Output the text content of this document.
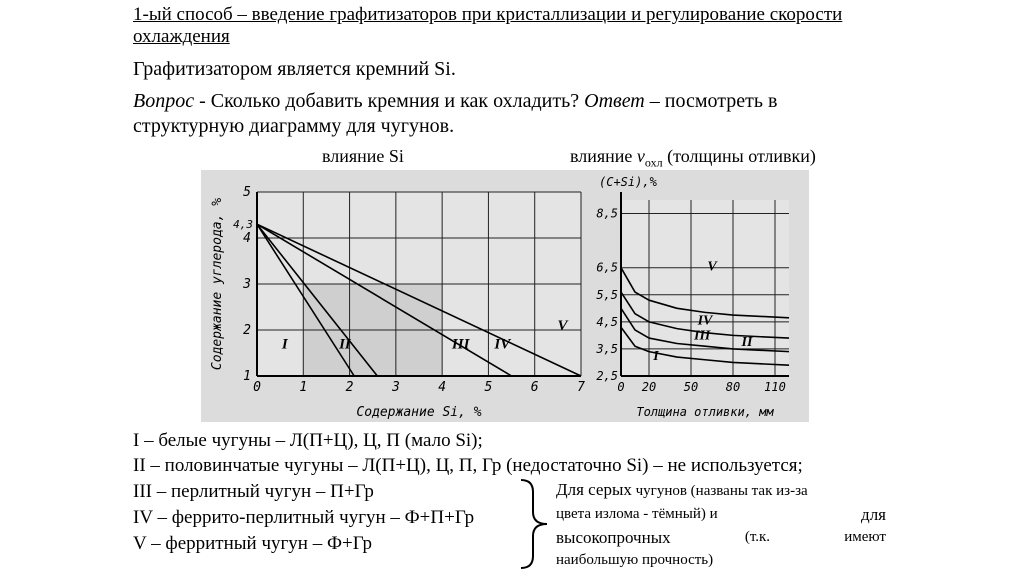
1-ый способ – введение графитизаторов при кристаллизации и регулирование скорости охлаждения
Графитизатором является кремний Si.
Вопрос - Сколько добавить кремния и как охладить? Ответ – посмотреть в
структурную диаграмму для чугунов.
влияние Si	влияние $\nu_{охл}$ (толщины отливки)
0	1	2	3	4	5	6	7
1
2
3
4
5
4,3
Содержание Si, %
Содержание углерода, %	I	II	III IV
V
0 20 50 80 110
2,5
3,5
4,5
5,5
6,5
8,5
Толщина отливки, мм
(C+Si),%
V
IV
III II
I
I – белые чугуны – Л(П+Ц), Ц, П (мало Si);
II – половинчатые чугуны – Л(П+Ц), Ц, П, Гр (недостаточно Si) – не используется;
III – перлитный чугун – П+Гр
IV – феррито-перлитный чугун – Ф+П+Гр
V – ферритный чугун – Ф+Гр
Для серых чугунов (названы так из-за
цвета излома - тёмный) и	для
высокопрочных	(т.к.	имеют
наибольшую прочность)
